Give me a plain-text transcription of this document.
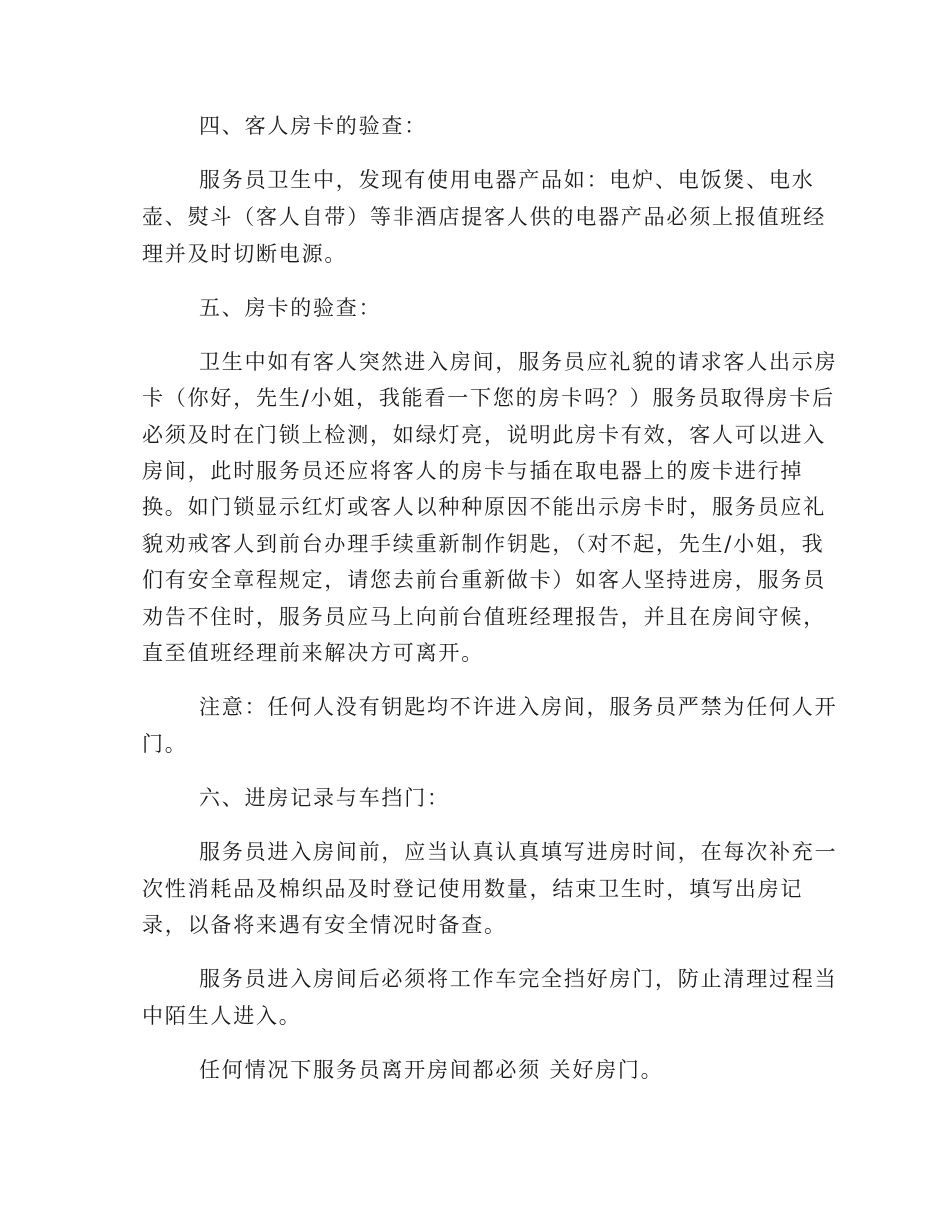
四、客人房卡的验查：
服务员卫生中，发现有使用电器产品如：电炉、电饭煲、电水
壶、熨斗（客人自带）等非酒店提客人供的电器产品必须上报值班经
理并及时切断电源。
五、房卡的验查：
卫生中如有客人突然进入房间，服务员应礼貌的请求客人出示房
卡（你好，先生/小姐，我能看一下您的房卡吗？）服务员取得房卡后
必须及时在门锁上检测，如绿灯亮，说明此房卡有效，客人可以进入
房间，此时服务员还应将客人的房卡与插在取电器上的废卡进行掉
换。如门锁显示红灯或客人以种种原因不能出示房卡时，服务员应礼
貌劝戒客人到前台办理手续重新制作钥匙，（对不起，先生/小姐，我
们有安全章程规定，请您去前台重新做卡）如客人坚持进房，服务员
劝告不住时，服务员应马上向前台值班经理报告，并且在房间守候，
直至值班经理前来解决方可离开。
注意：任何人没有钥匙均不许进入房间，服务员严禁为任何人开
门。
六、进房记录与车挡门：
服务员进入房间前，应当认真认真填写进房时间，在每次补充一
次性消耗品及棉织品及时登记使用数量，结束卫生时，填写出房记
录，以备将来遇有安全情况时备查。
服务员进入房间后必须将工作车完全挡好房门，防止清理过程当
中陌生人进入。
任何情况下服务员离开房间都必须 关好房门。
